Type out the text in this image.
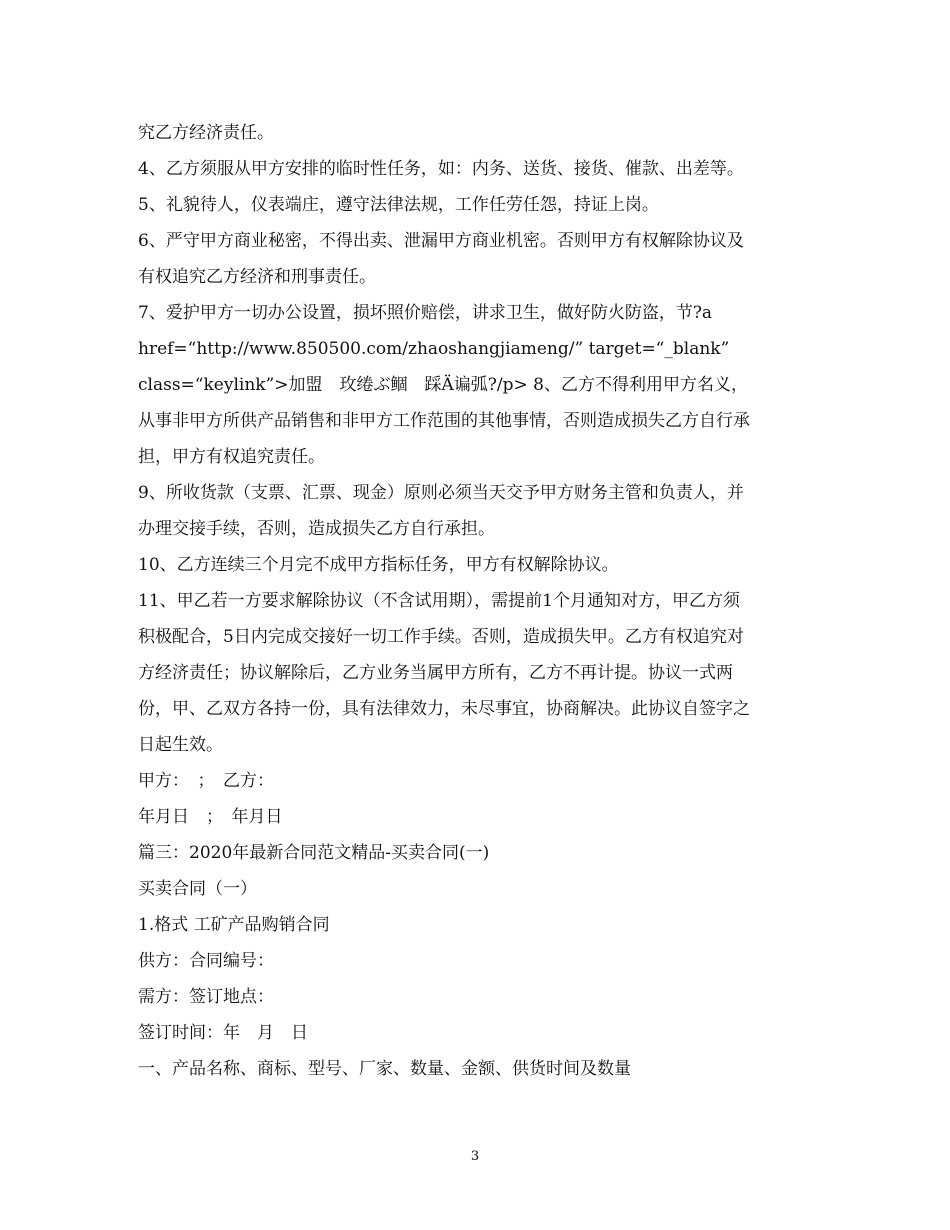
究乙方经济责任。
4、乙方须服从甲方安排的临时性任务，如：内务、送货、接货、催款、出差等。
5、礼貌待人，仪表端庄，遵守法律法规，工作任劳任怨，持证上岗。
6、严守甲方商业秘密，不得出卖、泄漏甲方商业机密。否则甲方有权解除协议及
有权追究乙方经济和刑事责任。
7、爱护甲方一切办公设置，损坏照价赔偿，讲求卫生，做好防火防盗，节?a
href=“http://www.850500.com/zhaoshangjiameng/” target=“_blank”
class=“keylink”>加盟　玫绻ぶ鲴　踩Ä谝弧?/p> 8、乙方不得利用甲方名义，
从事非甲方所供产品销售和非甲方工作范围的其他事情，否则造成损失乙方自行承
担，甲方有权追究责任。
9、所收货款（支票、汇票、现金）原则必须当天交予甲方财务主管和负责人，并
办理交接手续，否则，造成损失乙方自行承担。
10、乙方连续三个月完不成甲方指标任务，甲方有权解除协议。
11、甲乙若一方要求解除协议（不含试用期），需提前1个月通知对方，甲乙方须
积极配合，5日内完成交接好一切工作手续。否则，造成损失甲。乙方有权追究对
方经济责任；协议解除后，乙方业务当属甲方所有，乙方不再计提。协议一式两
份，甲、乙双方各持一份，具有法律效力，未尽事宜，协商解决。此协议自签字之
日起生效。
甲方：　；　乙方：
年月日　；　年月日
篇三：2020年最新合同范文精品-买卖合同(一)
买卖合同（一）
1.格式 工矿产品购销合同
供方：合同编号：
需方：签订地点：
签订时间：年　月　日
一、产品名称、商标、型号、厂家、数量、金额、供货时间及数量
3
